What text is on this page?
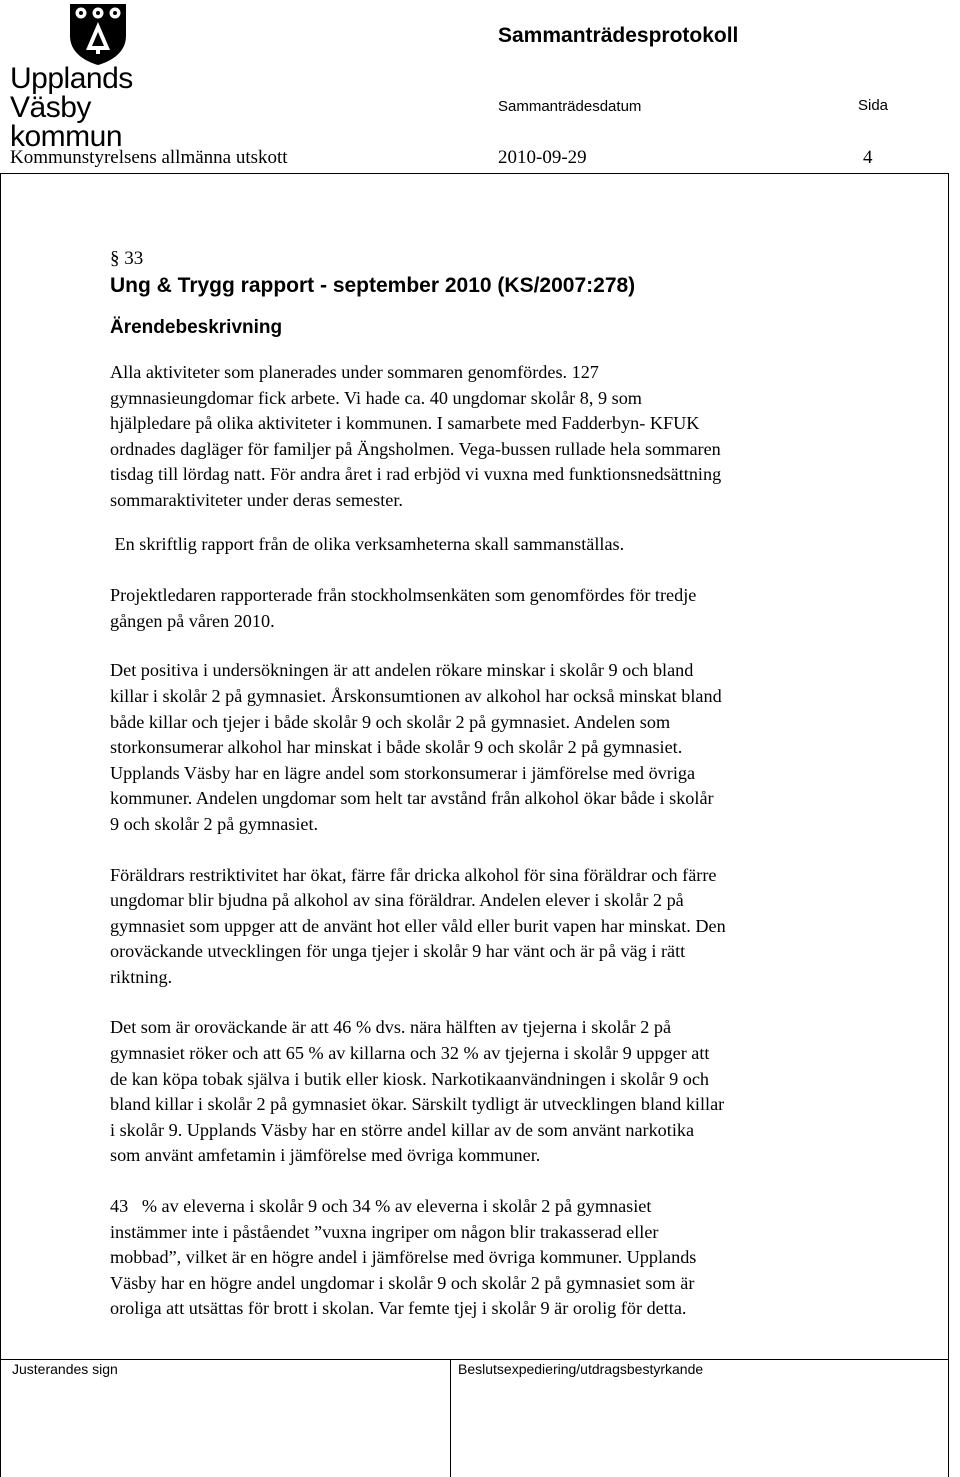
Upplands Väsby
kommun
Sammanträdesprotokoll
Sammanträdesdatum	Sida
Kommunstyrelsens allmänna utskott	2010-09-29	4

§ 33

Ung & Trygg rapport - september 2010 (KS/2007:278)
Ärendebeskrivning

Alla aktiviteter som planerades under sommaren genomfördes. 127

gymnasieungdomar fick arbete. Vi hade ca. 40 ungdomar skolår 8, 9 som

hjälpledare på olika aktiviteter i kommunen. I samarbete med Fadderbyn- KFUK

ordnades dagläger för familjer på Ängsholmen. Vega-bussen rullade hela sommaren

tisdag till lördag natt. För andra året i rad erbjöd vi vuxna med funktionsnedsättning

sommaraktiviteter under deras semester.

En skriftlig rapport från de olika verksamheterna skall sammanställas.

Projektledaren rapporterade från stockholmsenkäten som genomfördes för tredje

gången på våren 2010.

Det positiva i undersökningen är att andelen rökare minskar i skolår 9 och bland

killar i skolår 2 på gymnasiet. Årskonsumtionen av alkohol har också minskat bland

både killar och tjejer i både skolår 9 och skolår 2 på gymnasiet. Andelen som

storkonsumerar alkohol har minskat i både skolår 9 och skolår 2 på gymnasiet.

Upplands Väsby har en lägre andel som storkonsumerar i jämförelse med övriga

kommuner. Andelen ungdomar som helt tar avstånd från alkohol ökar både i skolår

9 och skolår 2 på gymnasiet.

Föräldrars restriktivitet har ökat, färre får dricka alkohol för sina föräldrar och färre

ungdomar blir bjudna på alkohol av sina föräldrar. Andelen elever i skolår 2 på

gymnasiet som uppger att de använt hot eller våld eller burit vapen har minskat. Den

oroväckande utvecklingen för unga tjejer i skolår 9 har vänt och är på väg i rätt

riktning.

Det som är oroväckande är att 46 % dvs. nära hälften av tjejerna i skolår 2 på

gymnasiet röker och att 65 % av killarna och 32 % av tjejerna i skolår 9 uppger att

de kan köpa tobak själva i butik eller kiosk. Narkotikaanvändningen i skolår 9 och

bland killar i skolår 2 på gymnasiet ökar. Särskilt tydligt är utvecklingen bland killar

i skolår 9. Upplands Väsby har en större andel killar av de som använt narkotika

som använt amfetamin i jämförelse med övriga kommuner.

43   % av eleverna i skolår 9 och 34 % av eleverna i skolår 2 på gymnasiet

instämmer inte i påståendet ”vuxna ingriper om någon blir trakasserad eller

mobbad”, vilket är en högre andel i jämförelse med övriga kommuner. Upplands

Väsby har en högre andel ungdomar i skolår 9 och skolår 2 på gymnasiet som är

oroliga att utsättas för brott i skolan. Var femte tjej i skolår 9 är orolig för detta.

Justerandes sign	Beslutsexpediering/utdragsbestyrkande
